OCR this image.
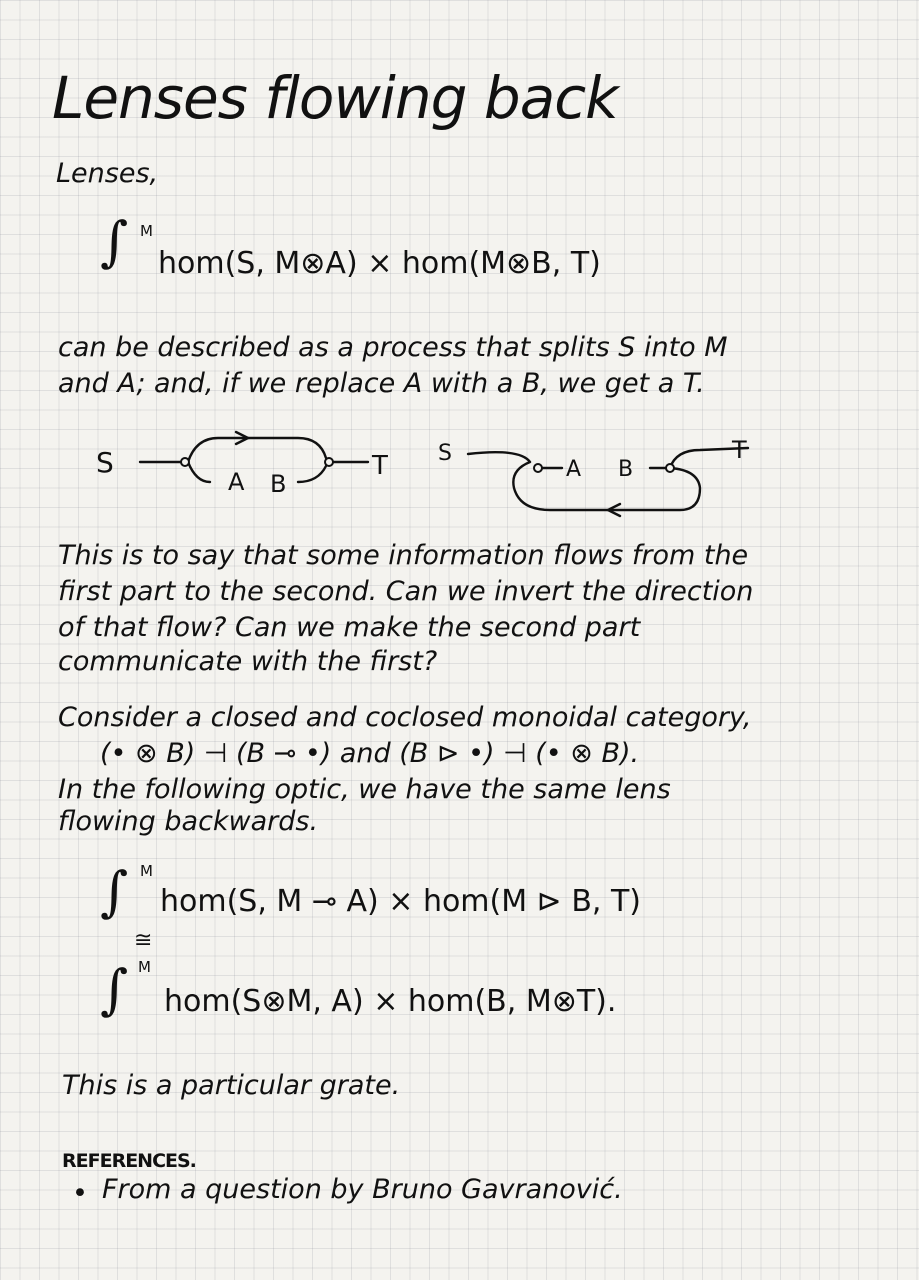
Lenses flowing back
Lenses,
∫ M
hom(S, M⊗A) × hom(M⊗B, T)
can be described as a process that splits S into M
and A; and, if we replace A with a B, we get a T.
S
A B
T S
A B
T
This is to say that some information flows from the
first part to the second. Can we invert the direction
of that flow? Can we make the second part
communicate with the first?
Consider a closed and coclosed monoidal category,
(• ⊗ B) ⊣ (B ⊸ •) and (B ⊳ •) ⊣ (• ⊗ B).
In the following optic, we have the same lens
flowing backwards.
∫ M
hom(S, M ⊸ A) × hom(M ⊳ B, T)
≅
∫ M
hom(S⊗M, A) × hom(B, M⊗T).
This is a particular grate.
REFERENCES.
• From a question by Bruno Gavranović.
